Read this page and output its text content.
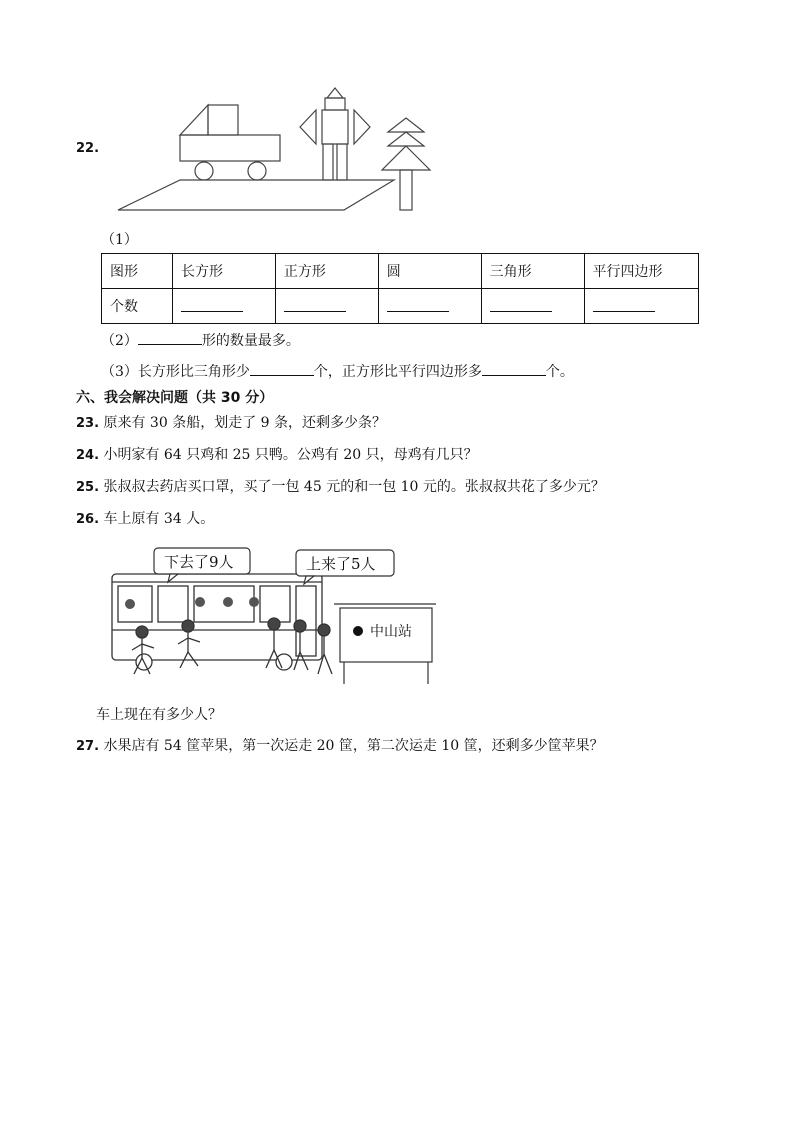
22.
（1）
图形	长方形	正方形	圆	三角形	平行四边形
个数					
（2）	形的数量最多。
（3）长方形比三角形少	个，正方形比平行四边形多	个。
六、我会解决问题（共 30 分）
23. 原来有 30 条船，划走了 9 条，还剩多少条？
24. 小明家有 64 只鸡和 25 只鸭。公鸡有 20 只，母鸡有几只？
25. 张叔叔去药店买口罩，买了一包 45 元的和一包 10 元的。张叔叔共花了多少元？
26. 车上原有 34 人。
下去了9人	上来了5人
中山站
车上现在有多少人？
27. 水果店有 54 筐苹果，第一次运走 20 筐，第二次运走 10 筐，还剩多少筐苹果？
